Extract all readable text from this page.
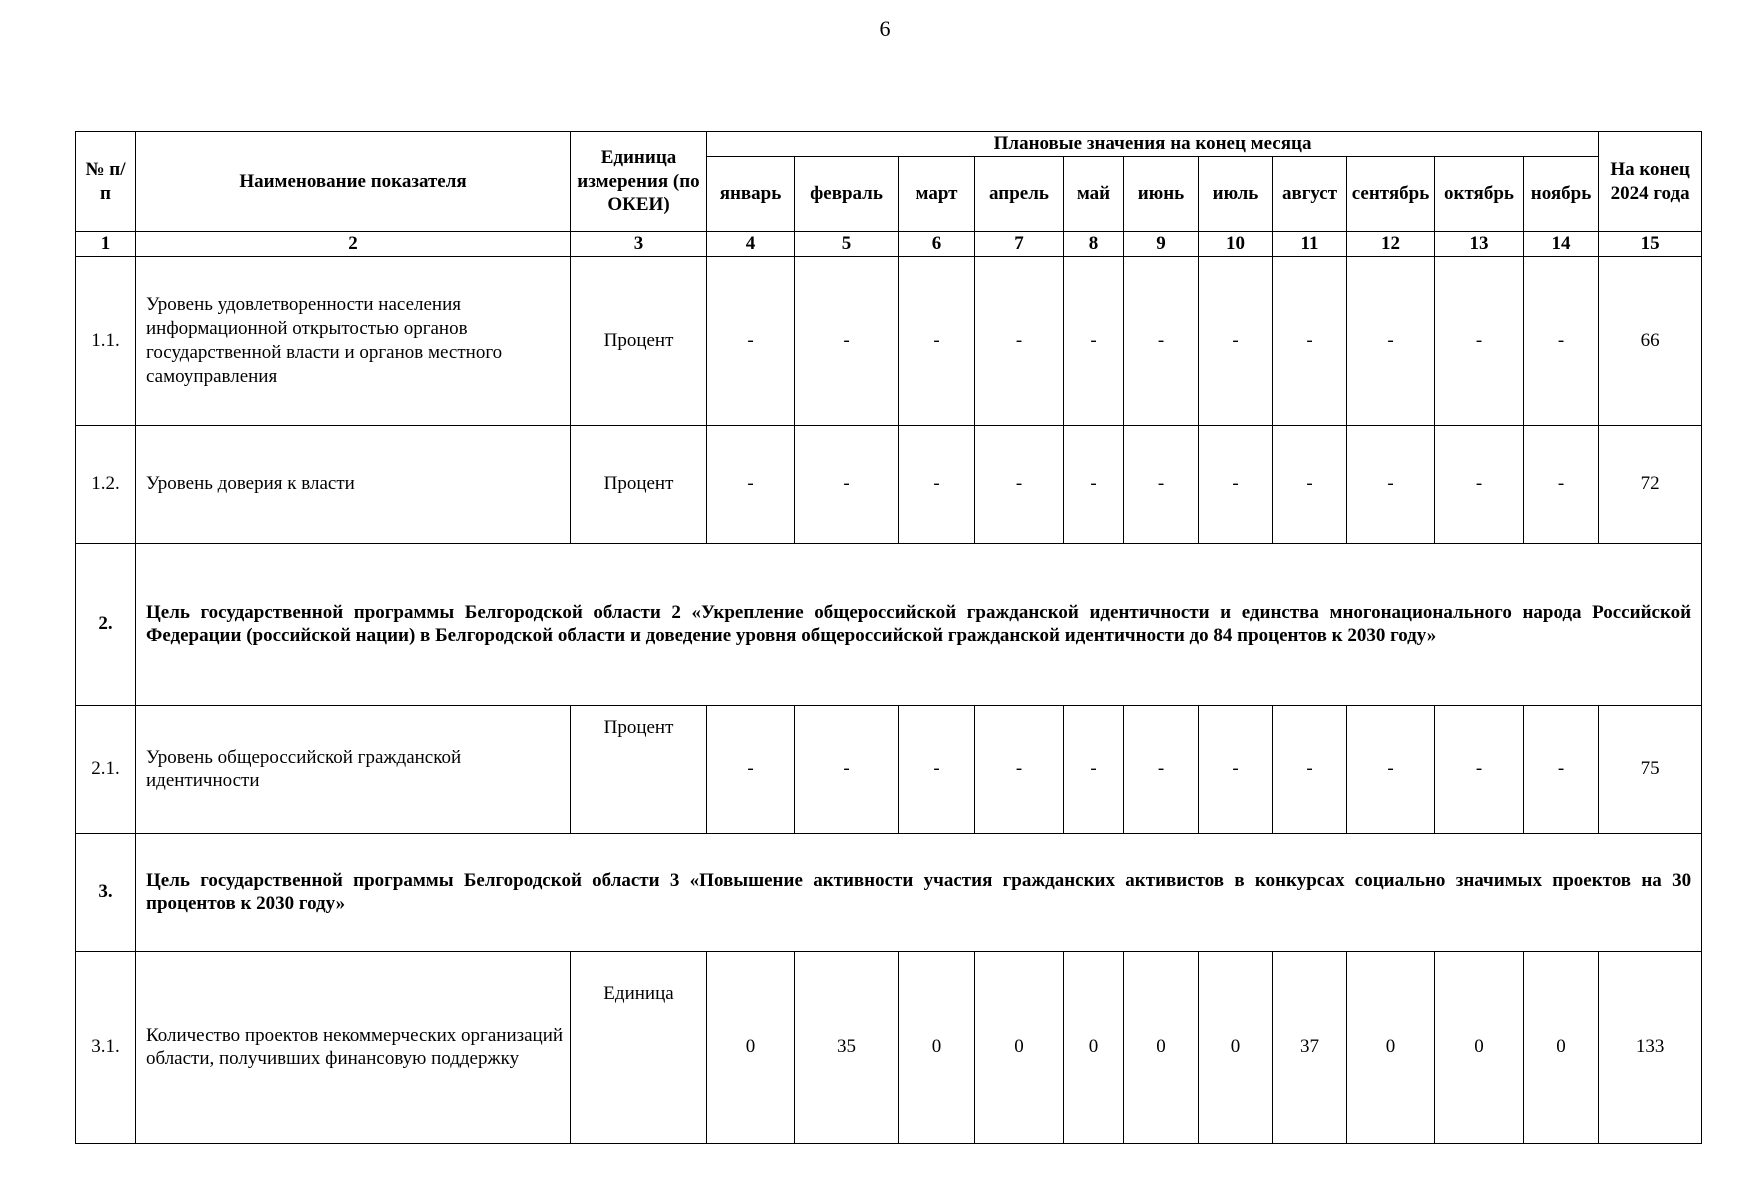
6
№ п/п	Наименование показателя	Единица измерения (по ОКЕИ)	Плановые значения на конец месяца											На конец 2024 года
			январь	февраль	март	апрель	май	июнь	июль	август	сентябрь	октябрь	ноябрь	
1	2	3	4	5	6	7	8	9	10	11	12	13	14	15
1.1.	Уровень удовлетворенности населения информационной открытостью органов государственной власти и органов местного самоуправления	Процент	-	-	-	-	-	-	-	-	-	-	-	66
1.2.	Уровень доверия к власти	Процент	-	-	-	-	-	-	-	-	-	-	-	72
2.	Цель государственной программы Белгородской области 2 «Укрепление общероссийской гражданской идентичности и единства многонационального народа Российской Федерации (российской нации) в Белгородской области и доведение уровня общероссийской гражданской идентичности до 84 процентов к 2030 году»													
2.1.	Уровень общероссийской гражданской идентичности	Процент	-	-	-	-	-	-	-	-	-	-	-	75
3.	Цель государственной программы Белгородской области 3 «Повышение активности участия гражданских активистов в конкурсах социально значимых проектов на 30 процентов к 2030 году»													
3.1.	Количество проектов некоммерческих организаций области, получивших финансовую поддержку	Единица	0	35	0	0	0	0	0	37	0	0	0	133
